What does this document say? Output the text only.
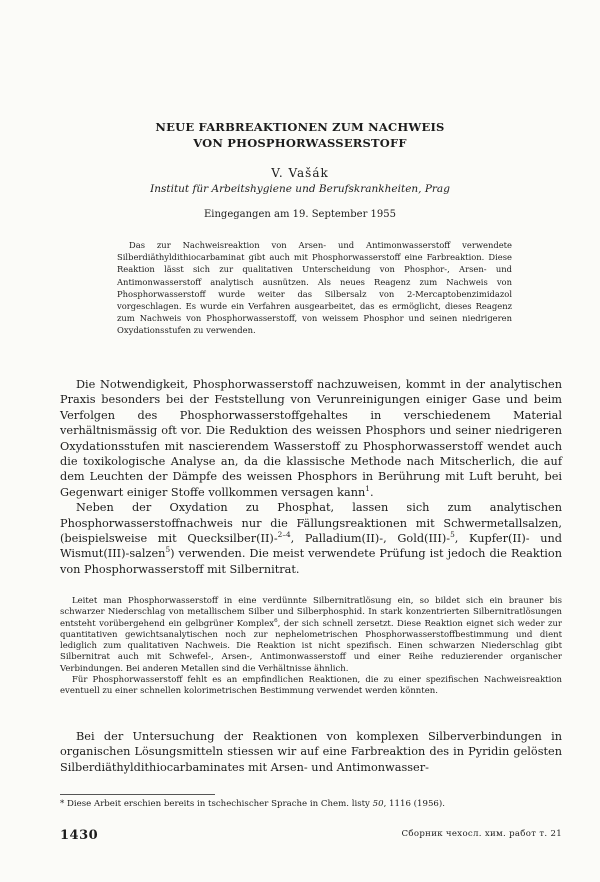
NEUE FARBREAKTIONEN ZUM NACHWEIS
VON PHOSPHORWASSERSTOFF
V. Vašák
Institut für Arbeitshygiene und Berufskrankheiten, Prag
Eingegangen am 19. September 1955

Das zur Nachweisreaktion von Arsen- und Antimonwasserstoff verwendete Silberdiäthyldithiocarbaminat gibt auch mit Phosphorwasserstoff eine Farbreaktion. Diese Reaktion lässt sich zur qualitativen Unterscheidung von Phosphor-, Arsen- und Antimonwasserstoff analytisch ausnützen. Als neues Reagenz zum Nachweis von Phosphorwasserstoff wurde weiter das Silbersalz von 2-Mercaptobenzimidazol vorgeschlagen. Es wurde ein Verfahren ausgearbeitet, das es ermöglicht, dieses Reagenz zum Nachweis von Phosphorwasserstoff, von weissem Phosphor und seinen niedrigeren Oxydationsstufen zu verwenden.

Die Notwendigkeit, Phosphorwasserstoff nachzuweisen, kommt in der analytischen Praxis besonders bei der Feststellung von Verunreinigungen einiger Gase und beim Verfolgen des Phosphorwasserstoffgehaltes in verschiedenem Material verhältnismässig oft vor. Die Reduktion des weissen Phosphors und seiner niedrigeren Oxydationsstufen mit nascierendem Wasserstoff zu Phosphorwasserstoff wendet auch die toxikologische Analyse an, da die klassische Methode nach Mitscherlich, die auf dem Leuchten der Dämpfe des weissen Phosphors in Berührung mit Luft beruht, bei Gegenwart einiger Stoffe vollkommen versagen kann$^1$.

Neben der Oxydation zu Phosphat, lassen sich zum analytischen Phosphorwasserstoffnachweis nur die Fällungsreaktionen mit Schwermetallsalzen, (beispielsweise mit Quecksilber(II)-$^{2-4}$, Palladium(II)-, Gold(III)-$^5$, Kupfer(II)- und Wismut(III)-salzen$^5$) verwenden. Die meist verwendete Prüfung ist jedoch die Reaktion von Phosphorwasserstoff mit Silbernitrat.

Leitet man Phosphorwasserstoff in eine verdünnte Silbernitratlösung ein, so bildet sich ein brauner bis schwarzer Niederschlag von metallischem Silber und Silberphosphid. In stark konzentrierten Silbernitratlösungen entsteht vorübergehend ein gelbgrüner Komplex$^6$, der sich schnell zersetzt. Diese Reaktion eignet sich weder zur quantitativen gewichtsanalytischen noch zur nephelometrischen Phosphorwasserstoffbestimmung und dient lediglich zum qualitativen Nachweis. Die Reaktion ist nicht spezifisch. Einen schwarzen Niederschlag gibt Silbernitrat auch mit Schwefel-, Arsen-, Antimonwasserstoff und einer Reihe reduzierender organischer Verbindungen. Bei anderen Metallen sind die Verhältnisse ähnlich.

Für Phosphorwasserstoff fehlt es an empfindlichen Reaktionen, die zu einer spezifischen Nachweisreaktion eventuell zu einer schnellen kolorimetrischen Bestimmung verwendet werden könnten.

Bei der Untersuchung der Reaktionen von komplexen Silberverbindungen in organischen Lösungsmitteln stiessen wir auf eine Farbreaktion des in Pyridin gelösten Silberdiäthyldithiocarbaminates mit Arsen- und Antimonwasser-

* Diese Arbeit erschien bereits in tschechischer Sprache in Chem. listy 50, 1116 (1956).
1430	Сборник чехосл. хим. работ т. 21
